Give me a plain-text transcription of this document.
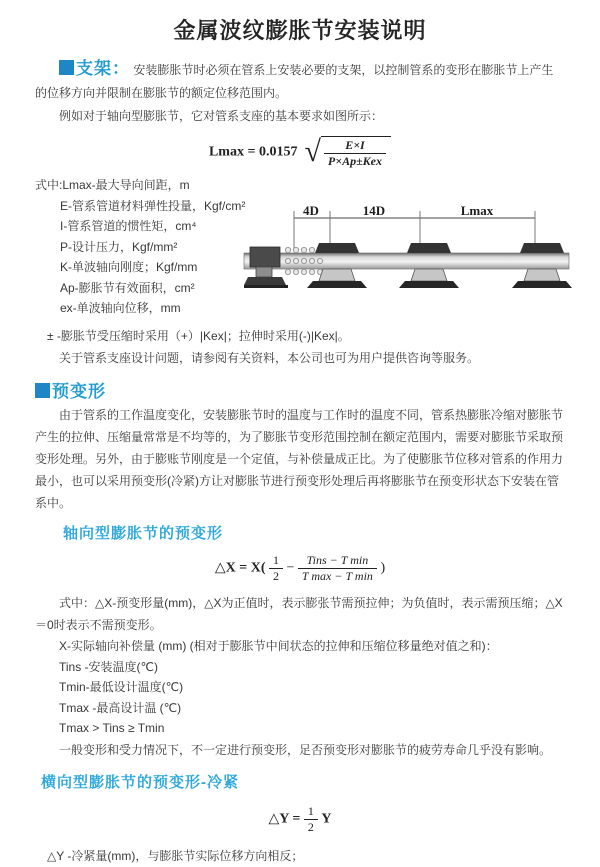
金属波纹膨胀节安装说明

支架： 安装膨胀节时必须在管系上安装必要的支架，以控制管系的变形在膨胀节上产生的位移方向并限制在膨胀节的额定位移范围内。

例如对于轴向型膨胀节，它对管系支座的基本要求如图所示：

Lmax = 0.0157 √ $\frac{E\times I}{\text{P×Ap±Kex}}$
式中:Lmax-最大导向间距，m
E-管系管道材料弹性投量，Kgf/cm²
I-管系管道的惯性矩，cm⁴
P-设计压力，Kgf/mm²
K-单波轴向刚度；Kgf/mm
Ap-膨胀节有效面积，cm²
ex-单波轴向位移，mm
4D	14D	Lmax

± -膨胀节受压缩时采用（+）|Kex|；拉伸时采用(-)|Kex|。

关于管系支座设计问题，请参阅有关资料，本公司也可为用户提供咨询等服务。

预变形

由于管系的工作温度变化，安装膨胀节时的温度与工作时的温度不同，管系热膨胀冷缩对膨胀节产生的拉伸、压缩量常常是不均等的，为了膨胀节变形范围控制在额定范围内，需要对膨胀节采取预变形处理。另外，由于膨账节刚度是一个定值，与补偿量成正比。为了使膨胀节位移对管系的作用力最小，也可以采用预变形(冷紧)方让对膨胀节进行预变形处理后再将膨胀节在预变形状态下安装在管系中。

轴向型膨胀节的预变形
△X = $X( \frac{1}{2} - \frac{\text{Tins − T min}}{\text{T max − T min}}$ )

式中：△X-预变形量(mm)，△X为正值时，表示膨张节需预拉伸；为负值时，表示需预压缩；△X＝0时表示不需预变形。

X-实际轴向补偿量 (mm) (相对于膨胀节中间状态的拉伸和压缩位移量绝对值之和)：
Tins -安装温度(℃)
Tmin-最低设计温度(℃)
Tmax -最高设计温 (℃)
Tmax > Tins ≥ Tmin

一般变形和受力情况下，不一定进行预变形，足否预变形对膨胀节的疲劳寿命几乎没有影响。

横向型膨胀节的预变形-冷紧
△Y = $\frac{1}{2}$ Y

△Y -冷紧量(mm)，与膨胀节实际位移方向相反；
